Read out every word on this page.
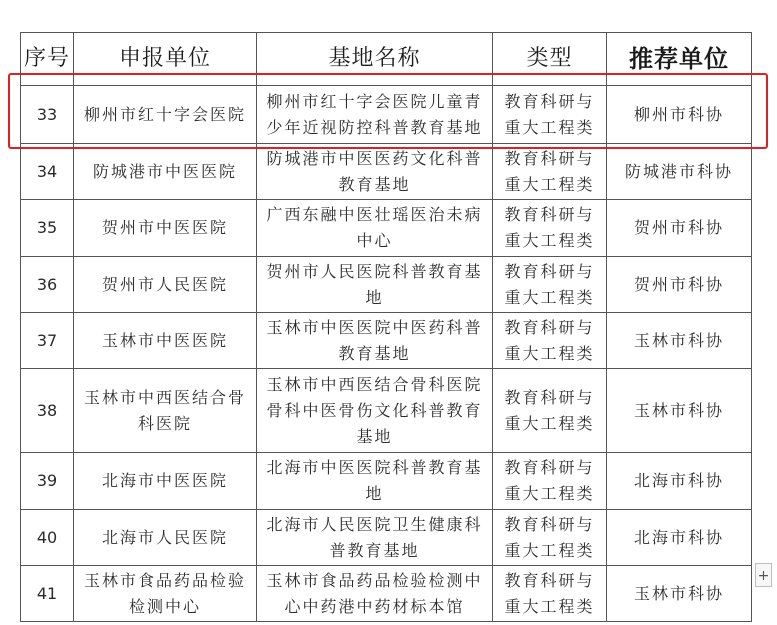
序号	申报单位	基地名称	类型	推荐单位
33	柳州市红十字会医院	柳州市红十字会医院儿童青少年近视防控科普教育基地	教育科研与重大工程类	柳州市科协
34	防城港市中医医院	防城港市中医医药文化科普教育基地	教育科研与重大工程类	防城港市科协
35	贺州市中医医院	广西东融中医壮瑶医治未病中心	教育科研与重大工程类	贺州市科协
36	贺州市人民医院	贺州市人民医院科普教育基地	教育科研与重大工程类	贺州市科协
37	玉林市中医医院	玉林市中医医院中医药科普教育基地	教育科研与重大工程类	玉林市科协
38	玉林市中西医结合骨科医院	玉林市中西医结合骨科医院骨科中医骨伤文化科普教育基地	教育科研与重大工程类	玉林市科协
39	北海市中医医院	北海市中医医院科普教育基地	教育科研与重大工程类	北海市科协
40	北海市人民医院	北海市人民医院卫生健康科普教育基地	教育科研与重大工程类	北海市科协
41	玉林市食品药品检验检测中心	玉林市食品药品检验检测中心中药港中药材标本馆	教育科研与重大工程类	玉林市科协
+
